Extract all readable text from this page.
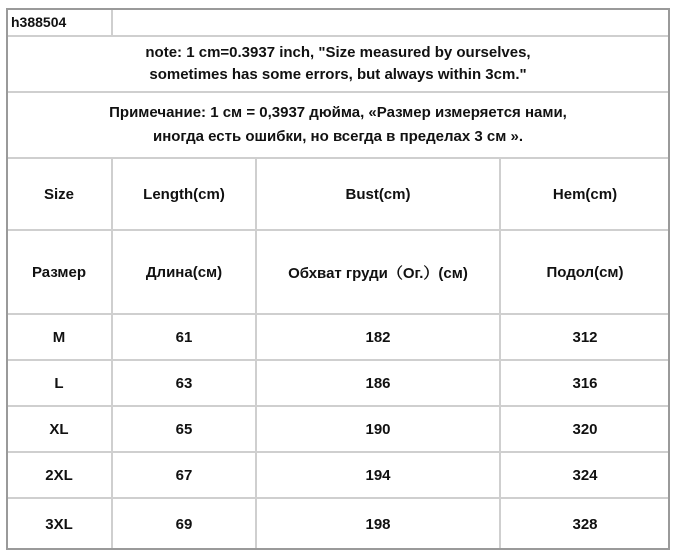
h388504
note: 1 cm=0.3937 inch, "Size measured by ourselves,
sometimes has some errors, but always within 3cm."
Примечание: 1 см = 0,3937 дюйма, «Размер измеряется нами,
иногда есть ошибки, но всегда в пределах 3 см ».
Size	Length(cm)	Bust(cm)	Hem(cm)
Размер	Длина(см)	Обхват груди（Ог.）(см)	Подол(см)
M	61	182	312
L	63	186	316
XL	65	190	320
2XL	67	194	324
3XL	69	198	328
